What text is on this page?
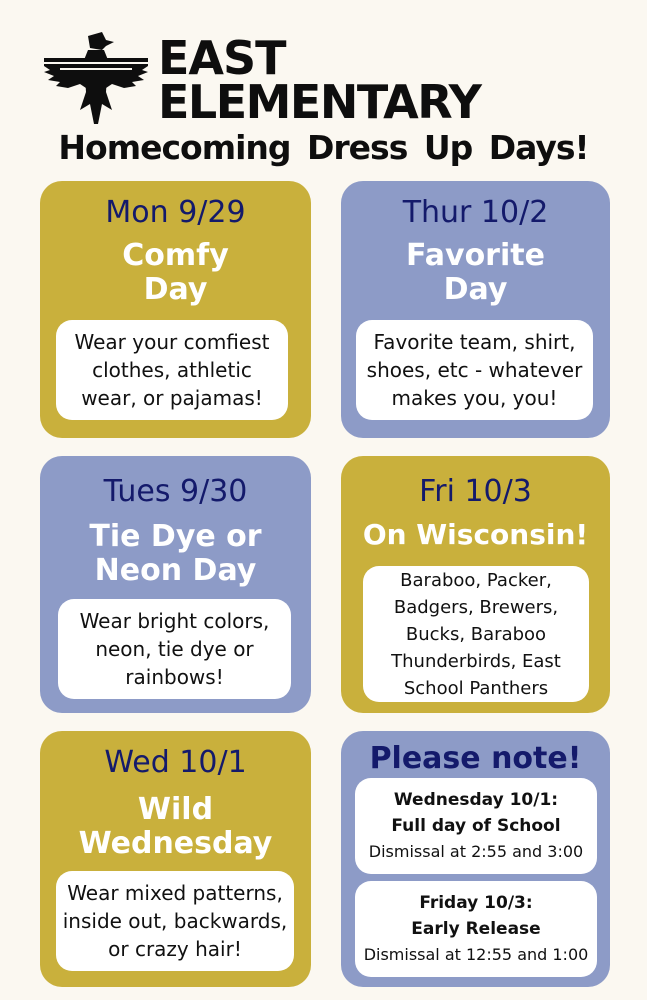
EAST
ELEMENTARY
Homecoming Dress Up Days!
Mon 9/29
Comfy
Day
Wear your comfiest
clothes, athletic
wear, or pajamas!
Thur 10/2
Favorite
Day
Favorite team, shirt,
shoes, etc - whatever
makes you, you!
Tues 9/30
Tie Dye or
Neon Day
Wear bright colors,
neon, tie dye or
rainbows!
Fri 10/3
On Wisconsin!
Baraboo, Packer,
Badgers, Brewers,
Bucks, Baraboo
Thunderbirds, East
School Panthers
Wed 10/1
Wild
Wednesday
Wear mixed patterns,
inside out, backwards,
or crazy hair!
Please note!
Wednesday 10/1:
Full day of School
Dismissal at 2:55 and 3:00
Friday 10/3:
Early Release
Dismissal at 12:55 and 1:00
